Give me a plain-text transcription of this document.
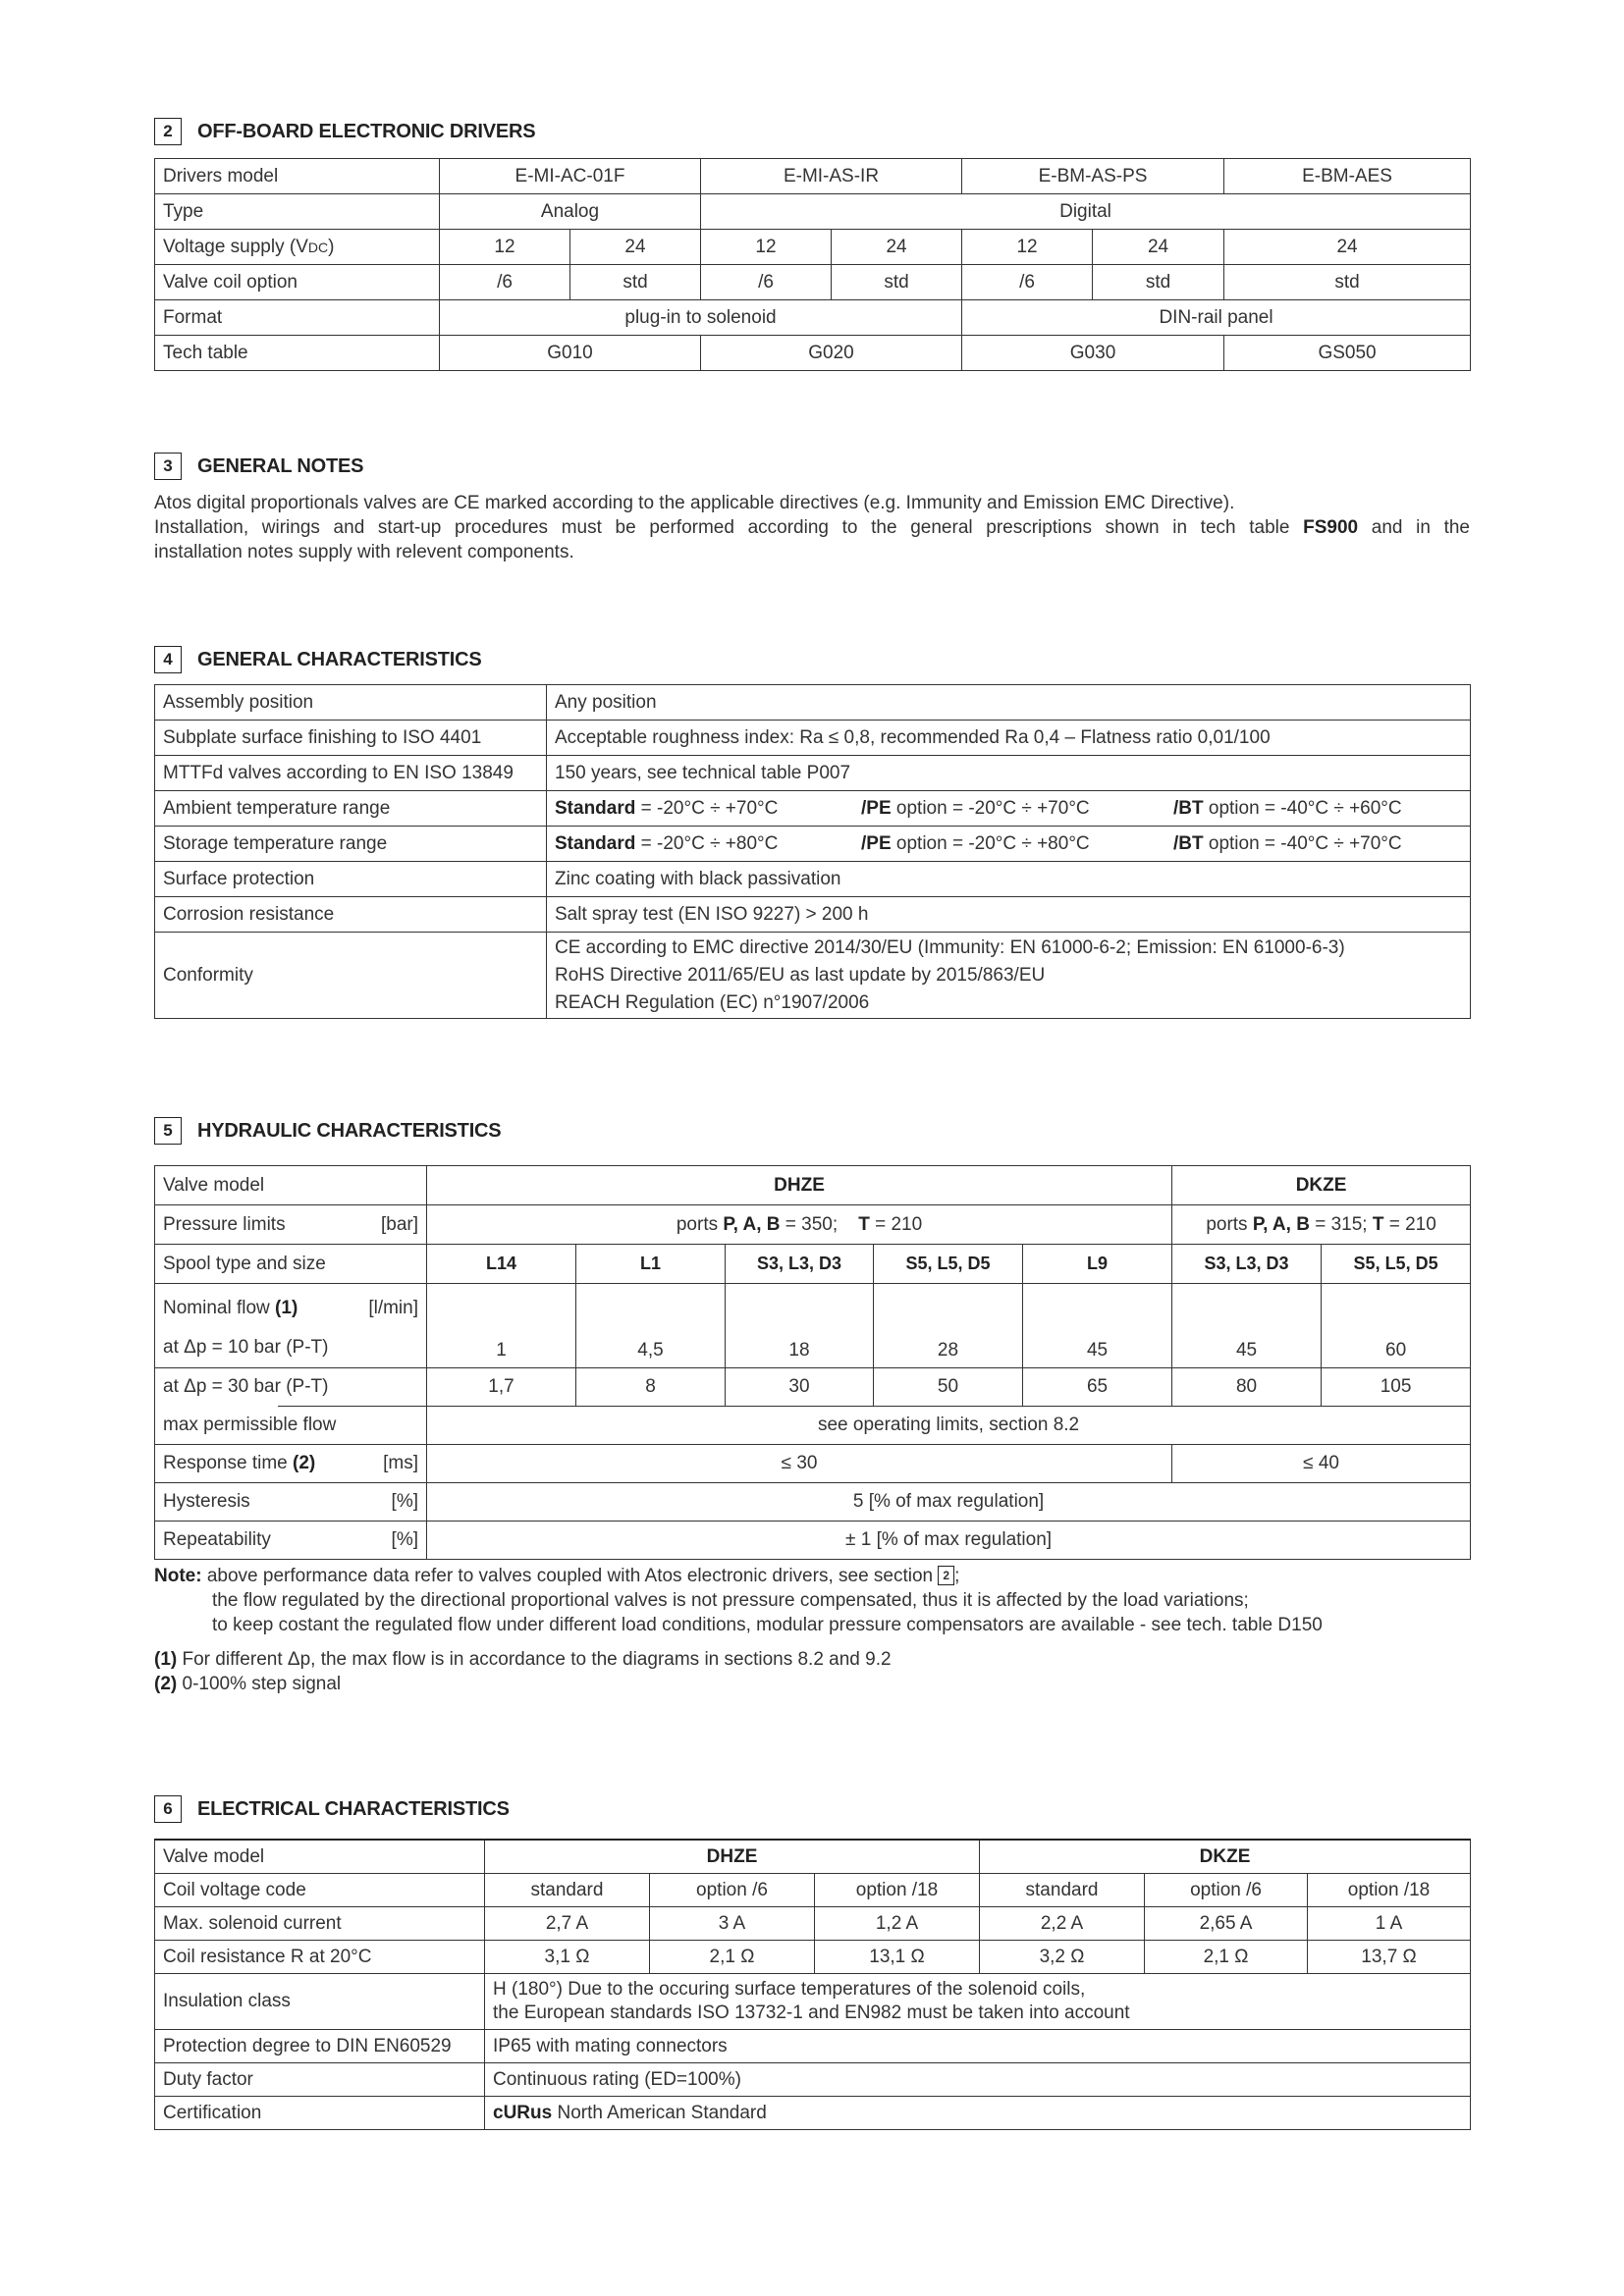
2	OFF-BOARD ELECTRONIC DRIVERS
Drivers model	E-MI-AC-01F		E-MI-AS-IR		E-BM-AS-PS		E-BM-AES
Type	Analog		Digital				
Voltage supply (VDC)	12	24	12	24	12	24	24
Valve coil option	/6	std	/6	std	/6	std	std
Format	plug-in to solenoid				DIN-rail panel		
Tech table	G010		G020		G030		GS050
3	GENERAL NOTES
Atos digital proportionals valves are CE marked according to the applicable directives (e.g. Immunity and Emission EMC Directive).
Installation, wirings and start-up procedures must be performed according to the general prescriptions shown in tech table FS900 and in the
installation notes supply with relevent components.
4	GENERAL CHARACTERISTICS
Assembly position	Any position
Subplate surface finishing to ISO 4401	Acceptable roughness index: Ra ≤ 0,8, recommended Ra 0,4 – Flatness ratio 0,01/100
MTTFd valves according to EN ISO 13849	150 years, see technical table P007
Ambient temperature range	Standard = -20°C ÷ +70°C /PE option = -20°C ÷ +70°C /BT option = -40°C ÷ +60°C
Storage temperature range	Standard = -20°C ÷ +80°C /PE option = -20°C ÷ +80°C /BT option = -40°C ÷ +70°C
Surface protection	Zinc coating with black passivation
Corrosion resistance	Salt spray test (EN ISO 9227) > 200 h
Conformity	CE according to EMC directive 2014/30/EU (Immunity: EN 61000-6-2; Emission: EN 61000-6-3)
RoHS Directive 2011/65/EU as last update by 2015/863/EU
REACH Regulation (EC) n°1907/2006
5	HYDRAULIC CHARACTERISTICS
Valve model	DHZE					DKZE	
Pressure limits [bar]	ports P, A, B = 350;    T = 210					ports P, A, B = 315; T = 210	
Spool type and size	L14	L1	S3, L3, D3	S5, L5, D5	L9	S3, L3, D3	S5, L5, D5

Nominal flow (1) [l/min]
at Δp = 10 bar (P-T)	1	4,5	18	28	45	45	60
at Δp = 30 bar (P-T)	1,7	8	30	50	65	80	105
max permissible flow	see operating limits, section 8.2						
Response time (2) [ms]	≤ 30					≤ 40	
Hysteresis [%]	5 [% of max regulation]						
Repeatability [%]	± 1 [% of max regulation]						
Note: above performance data refer to valves coupled with Atos electronic drivers, see section 2 ;
the flow regulated by the directional proportional valves is not pressure compensated, thus it is affected by the load variations;
to keep costant the regulated flow under different load conditions, modular pressure compensators are available - see tech. table D150
(1) For different Δp, the max flow is in accordance to the diagrams in sections 8.2 and 9.2
(2) 0-100% step signal
6	ELECTRICAL CHARACTERISTICS
Valve model	DHZE			DKZE		
Coil voltage code	standard	option /6	option /18	standard	option /6	option /18
Max. solenoid current	2,7 A	3 A	1,2 A	2,2 A	2,65 A	1 A
Coil resistance R at 20°C	3,1 Ω	2,1 Ω	13,1 Ω	3,2 Ω	2,1 Ω	13,7 Ω
Insulation class	H (180°) Due to the occuring surface temperatures of the solenoid coils,
the European standards ISO 13732-1 and EN982 must be taken into account					

Protection degree to DIN EN60529	IP65 with mating connectors					
Duty factor	Continuous rating (ED=100%)					
Certification	cURus North American Standard					
